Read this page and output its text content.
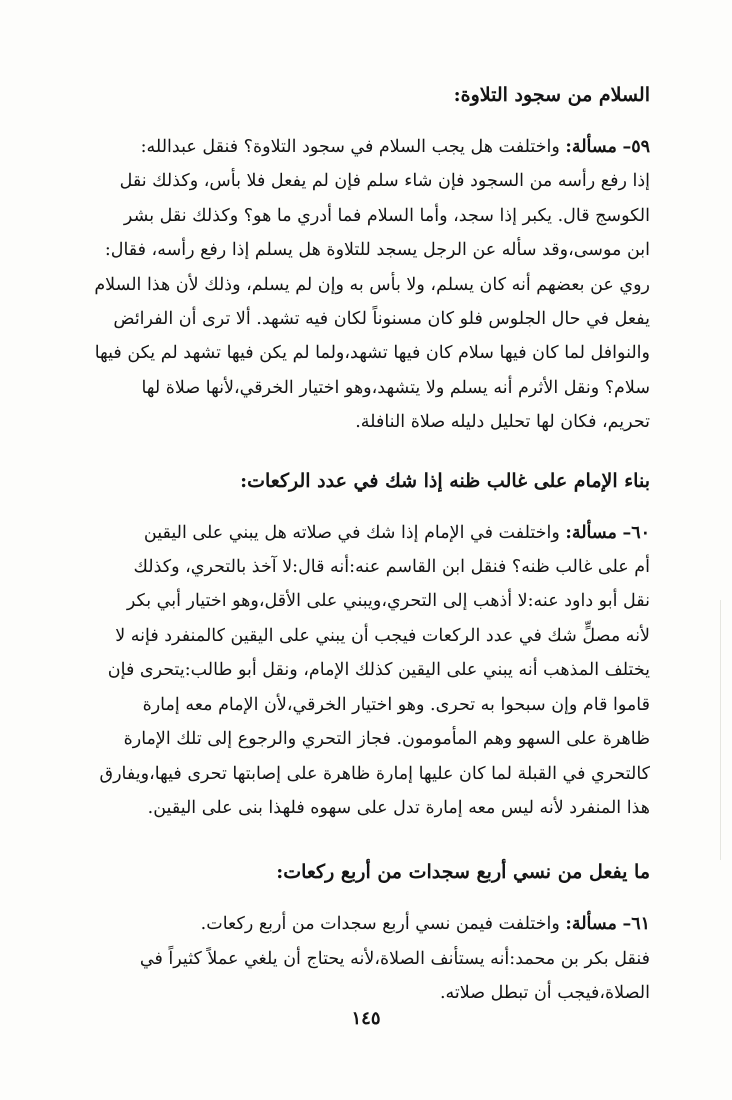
السلام من سجود التلاوة:

٥٩– مسألة: واختلفت هل يجب السلام في سجود التلاوة؟ فنقل عبدالله:

إذا رفع رأسه من السجود فإن شاء سلم فإن لم يفعل فلا بأس، وكذلك نقل

الكوسج قال. يكبر إذا سجد، وأما السلام فما أدري ما هو؟ وكذلك نقل بشر

ابن موسى،وقد سأله عن الرجل يسجد للتلاوة هل يسلم إذا رفع رأسه، فقال:

روي عن بعضهم أنه كان يسلم، ولا بأس به وإن لم يسلم، وذلك لأن هذا السلام

يفعل في حال الجلوس فلو كان مسنوناً لكان فيه تشهد. ألا ترى أن الفرائض

والنوافل لما كان فيها سلام كان فيها تشهد،ولما لم يكن فيها تشهد لم يكن فيها

سلام؟ ونقل الأثرم أنه يسلم ولا يتشهد،وهو اختيار الخرقي،لأنها صلاة لها

تحريم، فكان لها تحليل دليله صلاة النافلة.

بناء الإمام على غالب ظنه إذا شك في عدد الركعات:

٦٠– مسألة: واختلفت في الإمام إذا شك في صلاته هل يبني على اليقين

أم على غالب ظنه؟ فنقل ابن القاسم عنه:أنه قال:لا آخذ بالتحري، وكذلك

نقل أبو داود عنه:لا أذهب إلى التحري،ويبني على الأقل،وهو اختيار أبي بكر

لأنه مصلٍّ شك في عدد الركعات فيجب أن يبني على اليقين كالمنفرد فإنه لا

يختلف المذهب أنه يبني على اليقين كذلك الإمام، ونقل أبو طالب:يتحرى فإن

قاموا قام وإن سبحوا به تحرى. وهو اختيار الخرقي،لأن الإمام معه إمارة

ظاهرة على السهو وهم المأمومون. فجاز التحري والرجوع إلى تلك الإمارة

كالتحري في القبلة لما كان عليها إمارة ظاهرة على إصابتها تحرى فيها،ويفارق

هذا المنفرد لأنه ليس معه إمارة تدل على سهوه فلهذا بنى على اليقين.

ما يفعل من نسي أربع سجدات من أربع ركعات:

٦١– مسألة: واختلفت فيمن نسي أربع سجدات من أربع ركعات.

فنقل بكر بن محمد:أنه يستأنف الصلاة،لأنه يحتاج أن يلغي عملاً كثيراً في

الصلاة،فيجب أن تبطل صلاته.

١٤٥
